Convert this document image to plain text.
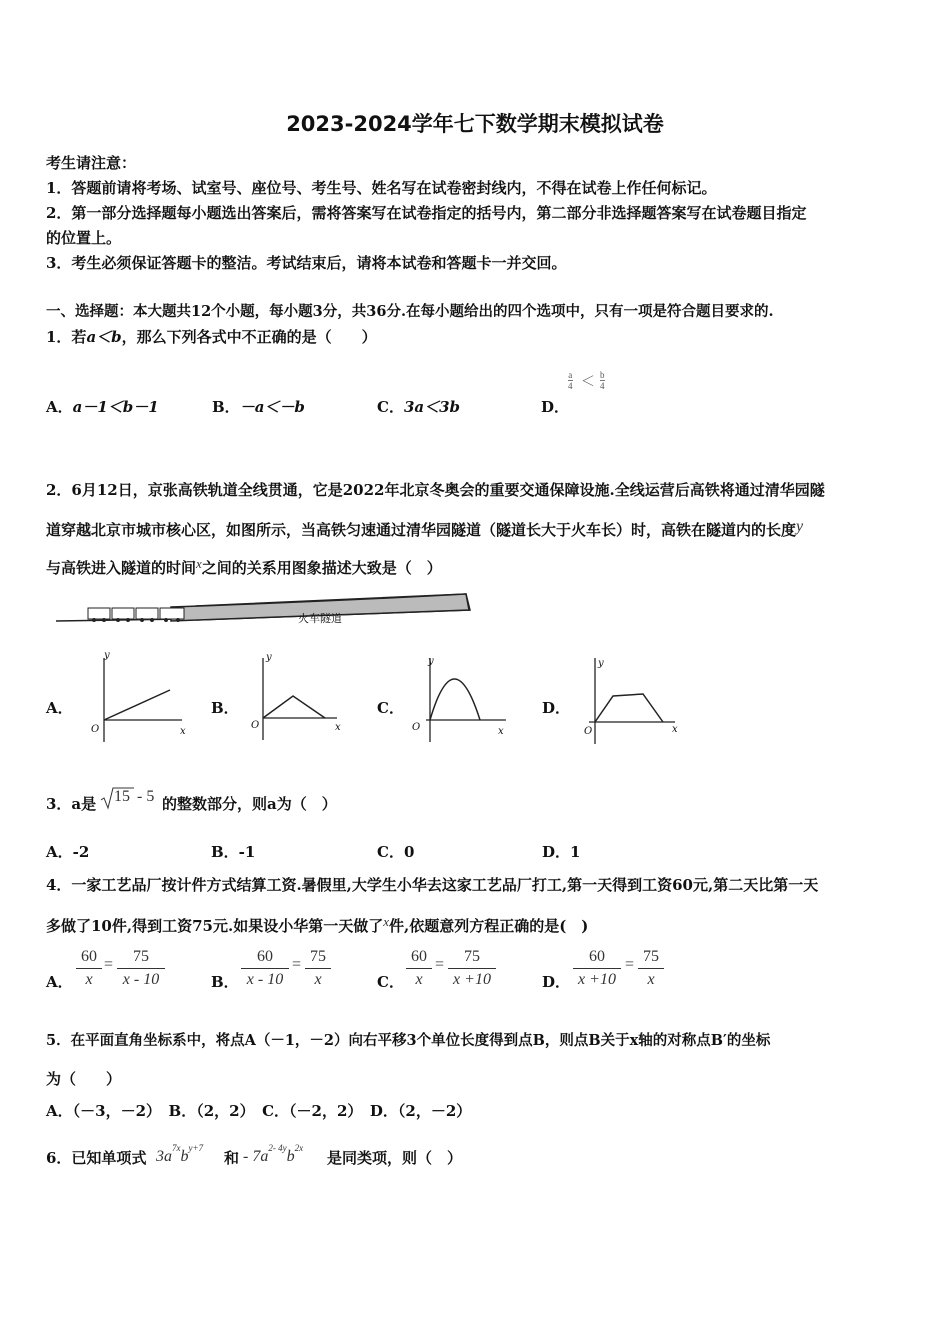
2023-2024学年七下数学期末模拟试卷
考生请注意：
1．答题前请将考场、试室号、座位号、考生号、姓名写在试卷密封线内，不得在试卷上作任何标记。
2．第一部分选择题每小题选出答案后，需将答案写在试卷指定的括号内，第二部分非选择题答案写在试卷题目指定
的位置上。
3．考生必须保证答题卡的整洁。考试结束后，请将本试卷和答题卡一并交回。
一、选择题：本大题共12个小题，每小题3分，共36分.在每小题给出的四个选项中，只有一项是符合题目要求的.
1．若a＜b，那么下列各式中不正确的是（　　）
A．a－1＜b－1	B．－a＜－b	C．3a＜3b	D．
$\frac{a}{4} < \frac{b}{4}$
2．6月12日，京张高铁轨道全线贯通，它是2022年北京冬奥会的重要交通保障设施.全线运营后高铁将通过清华园隧
道穿越北京市城市核心区，如图所示，当高铁匀速通过清华园隧道（隧道长大于火车长）时，高铁在隧道内的长度y
与高铁进入隧道的时间x之间的关系用图象描述大致是（　）
火车隧道
A．	B．	C．	D．
y
x
O
y
x
O
y
x
O
y
x
O
3．a是 15 - 5 的整数部分，则a为（　）
A．-2	B．-1	C．0	D．1
4．一家工艺品厂按计件方式结算工资.暑假里,大学生小华去这家工艺品厂打工,第一天得到工资60元,第二天比第一天
多做了10件,得到工资75元.如果设小华第一天做了x件,依题意列方程正确的是(　)
A．	B．	C．	D．
$\frac{60}{x} = \frac{75}{x - 10}$	$\frac{60}{x - 10} = \frac{75}{x}$	$\frac{60}{x} = \frac{75}{x +10}$	$\frac{60}{x +10} = \frac{75}{x}$
5．在平面直角坐标系中，将点A（－1，－2）向右平移3个单位长度得到点B，则点B关于x轴的对称点B′的坐标
为（　　）
A．（－3，－2）　B．（2，2）　C．（－2，2）　D．（2，－2）
6．已知单项式 $3a^{7x}b^{y+7}$
和 - $7a^{2- 4y}b^{2x}$
是同类项，则（　）
